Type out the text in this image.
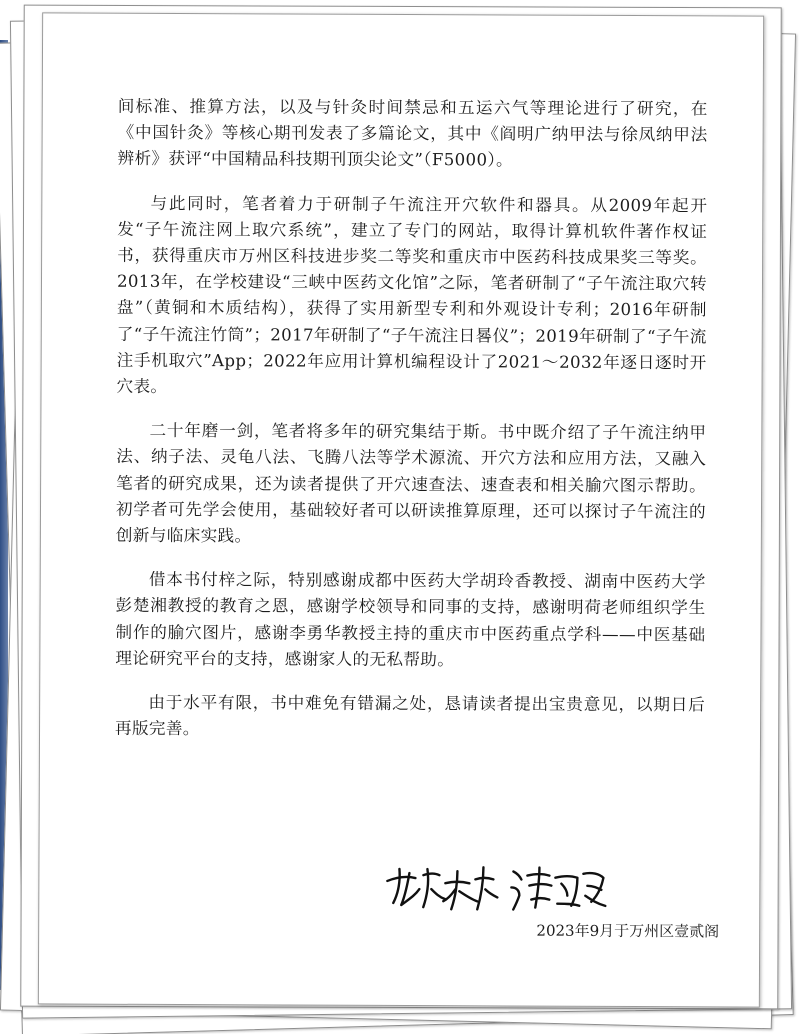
间标准、推算方法，以及与针灸时间禁忌和五运六气等理论进行了研究，在《中国针灸》等核心期刊发表了多篇论文，其中《阎明广纳甲法与徐凤纳甲法辨析》获评“中国精品科技期刊顶尖论文”（F5000）。

与此同时，笔者着力于研制子午流注开穴软件和器具。从2009年起开发“子午流注网上取穴系统”，建立了专门的网站，取得计算机软件著作权证书，获得重庆市万州区科技进步奖二等奖和重庆市中医药科技成果奖三等奖。2013年，在学校建设“三峡中医药文化馆”之际，笔者研制了“子午流注取穴转盘”（黄铜和木质结构），获得了实用新型专利和外观设计专利；2016年研制了“子午流注竹筒”；2017年研制了“子午流注日晷仪”；2019年研制了“子午流注手机取穴”App；2022年应用计算机编程设计了2021～2032年逐日逐时开穴表。

二十年磨一剑，笔者将多年的研究集结于斯。书中既介绍了子午流注纳甲法、纳子法、灵龟八法、飞腾八法等学术源流、开穴方法和应用方法，又融入笔者的研究成果，还为读者提供了开穴速查法、速查表和相关腧穴图示帮助。初学者可先学会使用，基础较好者可以研读推算原理，还可以探讨子午流注的创新与临床实践。

借本书付梓之际，特别感谢成都中医药大学胡玲香教授、湖南中医药大学彭楚湘教授的教育之恩，感谢学校领导和同事的支持，感谢明荷老师组织学生制作的腧穴图片，感谢李勇华教授主持的重庆市中医药重点学科——中医基础理论研究平台的支持，感谢家人的无私帮助。

由于水平有限，书中难免有错漏之处，恳请读者提出宝贵意见，以期日后再版完善。

2023年9月于万州区壹贰阁
